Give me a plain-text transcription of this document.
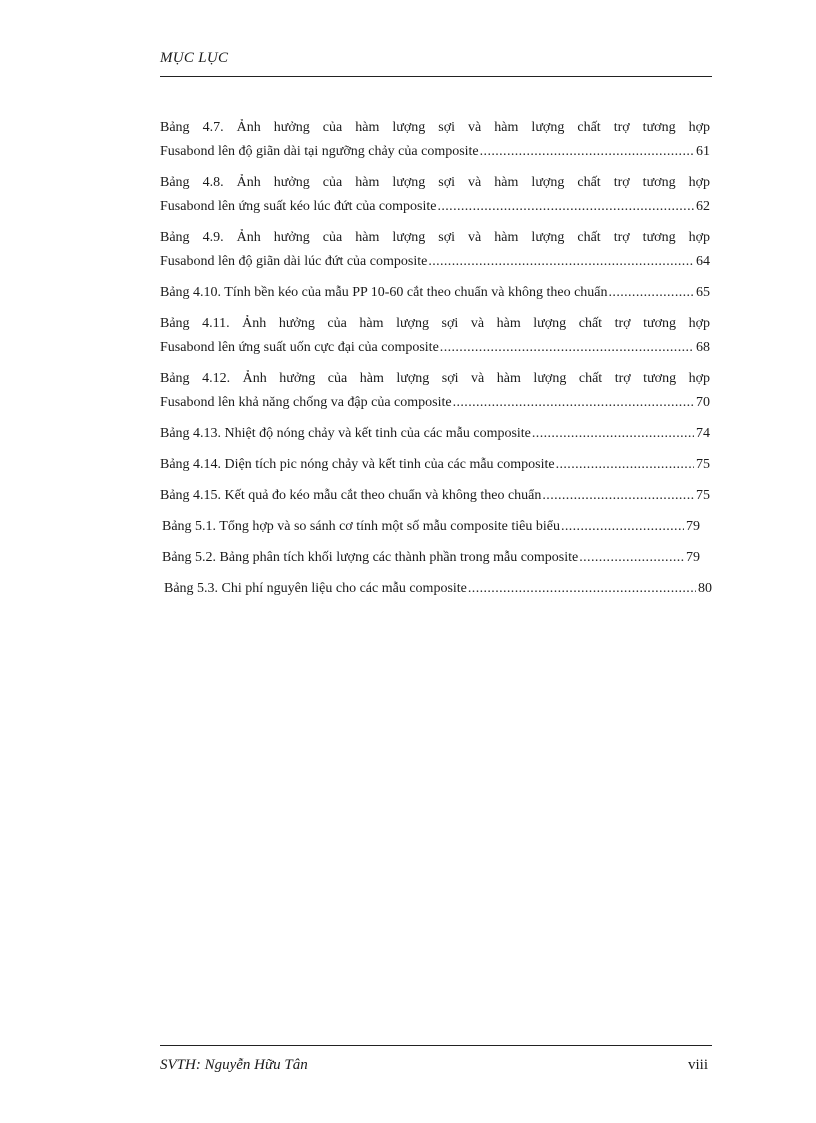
MỤC LỤC
Bảng 4.7. Ảnh hưởng của hàm lượng sợi và hàm lượng chất trợ tương hợp
Fusabond lên độ giãn dài tại ngưỡng chảy của composite .....	61
Bảng 4.8. Ảnh hưởng của hàm lượng sợi và hàm lượng chất trợ tương hợp
Fusabond lên ứng suất kéo lúc đứt của composite .....	62
Bảng 4.9. Ảnh hưởng của hàm lượng sợi và hàm lượng chất trợ tương hợp
Fusabond lên độ giãn dài lúc đứt của composite .....	64
Bảng 4.10. Tính bền kéo của mẫu PP 10-60 cắt theo chuẩn và không theo chuẩn .....	65
Bảng 4.11. Ảnh hưởng của hàm lượng sợi và hàm lượng chất trợ tương hợp
Fusabond lên ứng suất uốn cực đại của composite .....	68
Bảng 4.12. Ảnh hưởng của hàm lượng sợi và hàm lượng chất trợ tương hợp
Fusabond lên khả năng chống va đập của composite .....	70
Bảng 4.13. Nhiệt độ nóng chảy và kết tinh của các mẫu composite .....	74
Bảng 4.14. Diện tích pic nóng chảy và kết tinh của các mẫu composite .....	75
Bảng 4.15. Kết quả đo kéo mẫu cắt theo chuẩn và không theo chuẩn .....	75
Bảng 5.1. Tổng hợp và so sánh cơ tính một số mẫu composite tiêu biểu .....	79
Bảng 5.2. Bảng phân tích khối lượng các thành phần trong mẫu composite .....	79
Bảng 5.3. Chi phí nguyên liệu cho các mẫu composite .....	80
SVTH: Nguyễn Hữu Tân	viii
